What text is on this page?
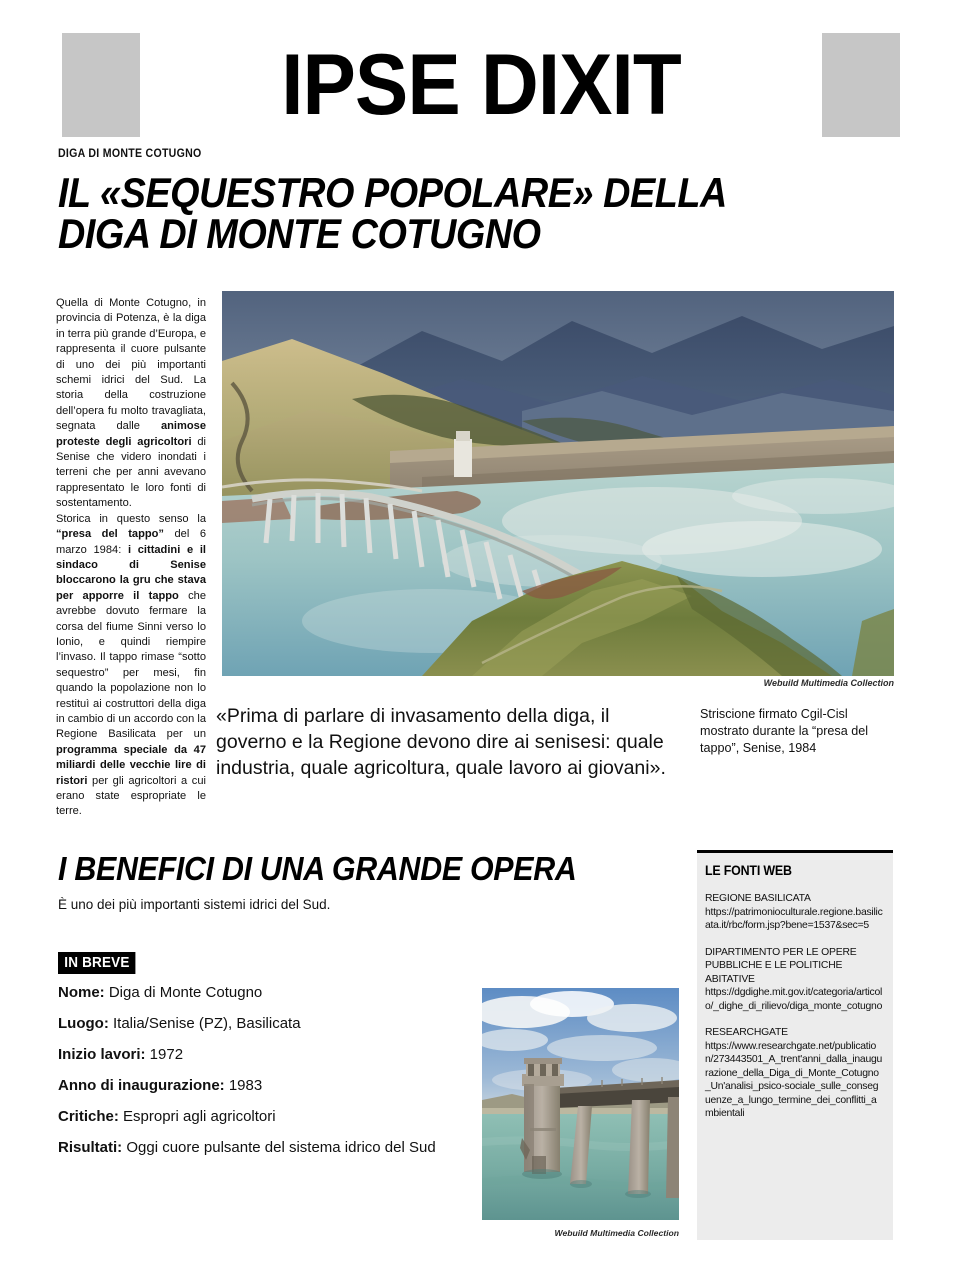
IPSE DIXIT
DIGA DI MONTE COTUGNO
IL «SEQUESTRO POPOLARE» DELLA DIGA DI MONTE COTUGNO

Quella di Monte Cotugno, in provincia di Potenza, è la diga in terra più grande d’Europa, e rappresenta il cuore pulsante di uno dei più importanti schemi idrici del Sud. La storia della costruzione dell’opera fu molto travagliata, segnata dalle animose proteste degli agricoltori di Senise che videro inondati i terreni che per anni avevano rappresentato le loro fonti di sostentamento.

Storica in questo senso la “presa del tappo” del 6 marzo 1984: i cittadini e il sindaco di Senise bloccarono la gru che stava per apporre il tappo che avrebbe dovuto fermare la corsa del fiume Sinni verso lo Ionio, e quindi riempire l’invaso. Il tappo rimase “sotto sequestro” per mesi, fin quando la popolazione non lo restituì ai costruttori della diga in cambio di un accordo con la Regione Basilicata per un programma speciale da 47 miliardi delle vecchie lire di ristori per gli agricoltori a cui erano state espropriate le terre.

Webuild Multimedia Collection
«Prima di parlare di invasamento della diga, il governo e la Regione devono dire ai senisesi: quale industria, quale agricoltura, quale lavoro ai giovani».
Striscione firmato Cgil-Cisl mostrato durante la “presa del tappo”, Senise, 1984
I BENEFICI DI UNA GRANDE OPERA
È uno dei più importanti sistemi idrici del Sud.
IN BREVE
Nome: Diga di Monte Cotugno
Luogo: Italia/Senise (PZ), Basilicata
Inizio lavori: 1972
Anno di inaugurazione: 1983
Critiche: Espropri agli agricoltori
Risultati: Oggi cuore pulsante del sistema idrico del Sud
Webuild Multimedia Collection
LE FONTI WEB
REGIONE BASILICATA
https://patrimonioculturale.regione.basilicata.it/rbc/form.jsp?bene=1537&sec=5
DIPARTIMENTO PER LE OPERE PUBBLICHE E LE POLITICHE ABITATIVE
https://dgdighe.mit.gov.it/categoria/articolo/_dighe_di_rilievo/diga_monte_cotugno
RESEARCHGATE
https://www.researchgate.net/publication/273443501_A_trent'anni_dalla_inaugurazione_della_Diga_di_Monte_Cotugno_Un'analisi_psico-sociale_sulle_conseguenze_a_lungo_termine_dei_conflitti_ambientali
